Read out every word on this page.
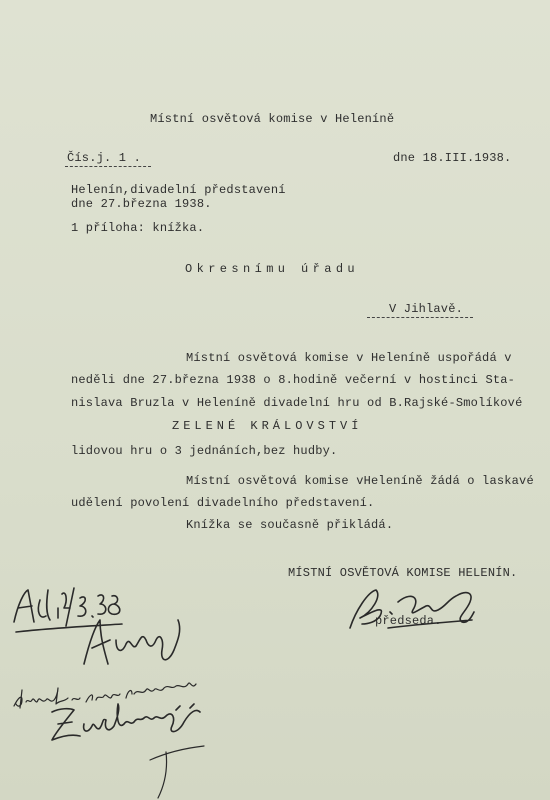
Místní osvětová komise v Helenínĕ
Čís.j. 1 .	dne 18.III.1938.
Helenín,divadelní představení
dne 27.března 1938.
1 příloha: knížka.
Okresnímu úřadu
V Jihlavě.
Místní osvětová komise v Heleníně uspořádá v
neděli dne 27.března 1938 o 8.hodině večerní v hostinci Sta-
nislava Bruzla v Heleníně divadelní hru od B.Rajské-Smolíkové
ZELENÉ KRÁLOVSTVÍ
lidovou hru o 3 jednáních,bez hudby.
Místní osvětová komise vHeleníně žádá o laskavé
udělení povolení divadelního představení.
Knížka se současně přikládá.
MÍSTNÍ OSVĚTOVÁ KOMISE HELENÍN.
předseda.
